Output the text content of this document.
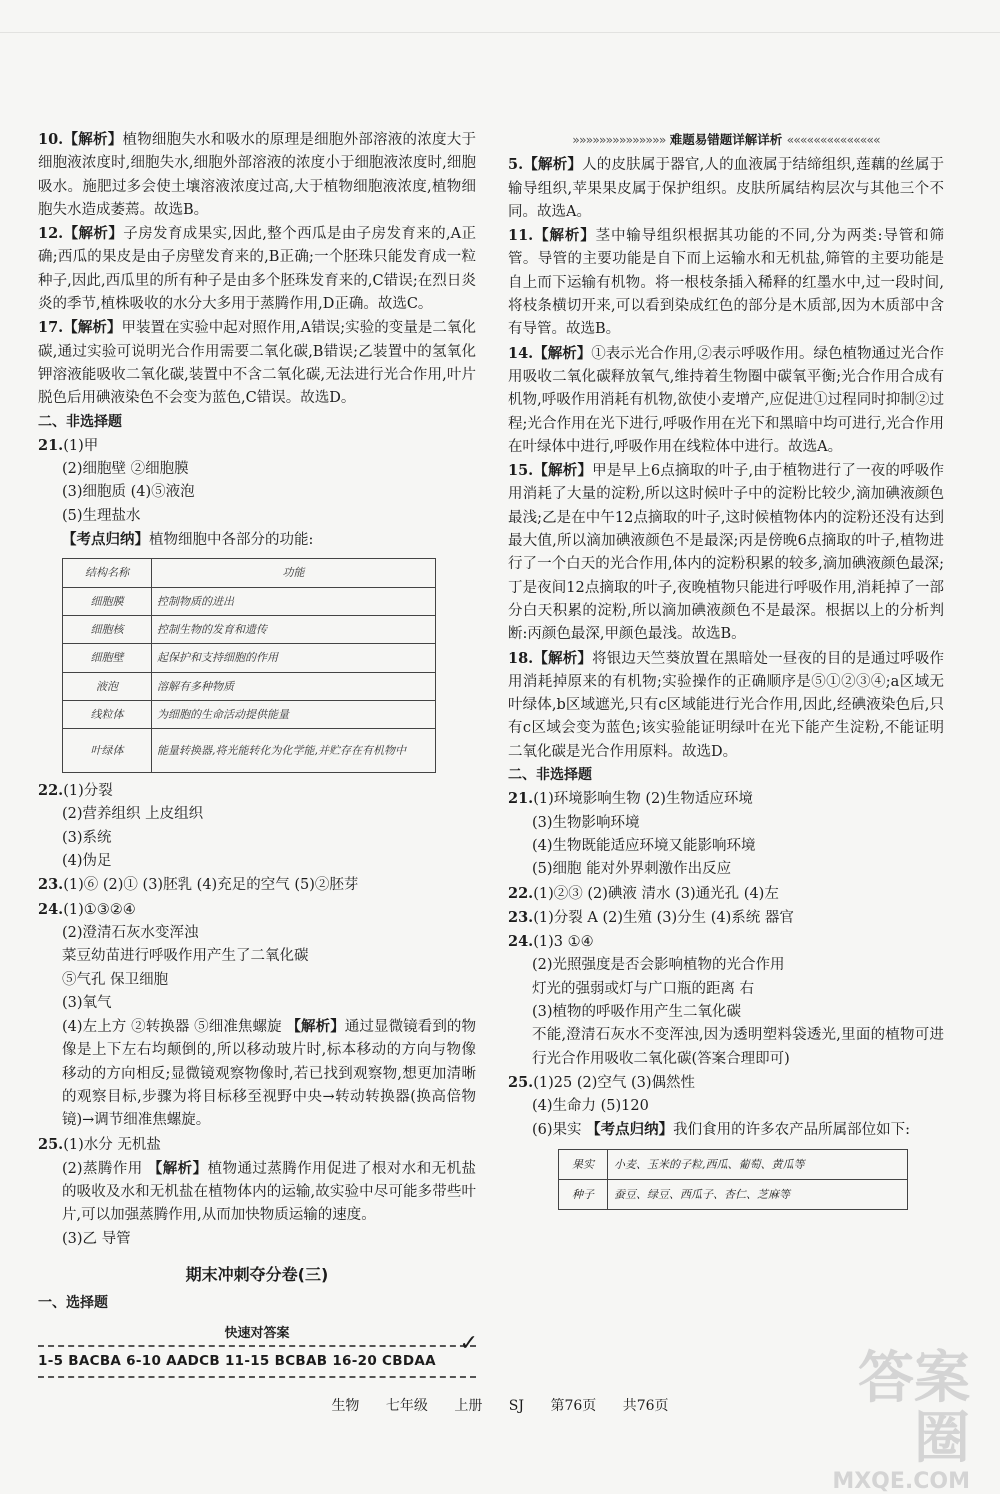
10.【解析】植物细胞失水和吸水的原理是细胞外部溶液的浓度大于细胞液浓度时,细胞失水,细胞外部溶液的浓度小于细胞液浓度时,细胞吸水。施肥过多会使土壤溶液浓度过高,大于植物细胞液浓度,植物细胞失水造成萎蔫。故选B。

12.【解析】子房发育成果实,因此,整个西瓜是由子房发育来的,A正确;西瓜的果皮是由子房壁发育来的,B正确;一个胚珠只能发育成一粒种子,因此,西瓜里的所有种子是由多个胚珠发育来的,C错误;在烈日炎炎的季节,植株吸收的水分大多用于蒸腾作用,D正确。故选C。

17.【解析】甲装置在实验中起对照作用,A错误;实验的变量是二氧化碳,通过实验可说明光合作用需要二氧化碳,B错误;乙装置中的氢氧化钾溶液能吸收二氧化碳,装置中不含二氧化碳,无法进行光合作用,叶片脱色后用碘液染色不会变为蓝色,C错误。故选D。

二、非选择题

21.(1)甲

(2)细胞壁 ②细胞膜

(3)细胞质 (4)⑤液泡

(5)生理盐水

【考点归纳】植物细胞中各部分的功能:

结构名称	功能
细胞膜	控制物质的进出
细胞核	控制生物的发育和遗传
细胞壁	起保护和支持细胞的作用
液泡	溶解有多种物质
线粒体	为细胞的生命活动提供能量
叶绿体	能量转换器,将光能转化为化学能,并贮存在有机物中

22.(1)分裂

(2)营养组织 上皮组织

(3)系统

(4)伪足

23.(1)⑥ (2)① (3)胚乳 (4)充足的空气 (5)②胚芽

24.(1)①③②④

(2)澄清石灰水变浑浊

菜豆幼苗进行呼吸作用产生了二氧化碳

⑤气孔 保卫细胞

(3)氧气

(4)左上方 ②转换器 ⑤细准焦螺旋 【解析】通过显微镜看到的物像是上下左右均颠倒的,所以移动玻片时,标本移动的方向与物像移动的方向相反;显微镜观察物像时,若已找到观察物,想更加清晰的观察目标,步骤为将目标移至视野中央→转动转换器(换高倍物镜)→调节细准焦螺旋。

25.(1)水分 无机盐

(2)蒸腾作用 【解析】植物通过蒸腾作用促进了根对水和无机盐的吸收及水和无机盐在植物体内的运输,故实验中尽可能多带些叶片,可以加强蒸腾作用,从而加快物质运输的速度。

(3)乙 导管

期末冲刺夺分卷(三)

一、选择题

快速对答案
1-5 BACBA 6-10 AADCB 11-15 BCBAB 16-20 CBDAA
✓
»»»»»»»»»»»»»» 难题易错题详解详析 ««««««««««««««

5.【解析】人的皮肤属于器官,人的血液属于结缔组织,莲藕的丝属于输导组织,苹果果皮属于保护组织。皮肤所属结构层次与其他三个不同。故选A。

11.【解析】茎中输导组织根据其功能的不同,分为两类:导管和筛管。导管的主要功能是自下而上运输水和无机盐,筛管的主要功能是自上而下运输有机物。将一根枝条插入稀释的红墨水中,过一段时间,将枝条横切开来,可以看到染成红色的部分是木质部,因为木质部中含有导管。故选B。

14.【解析】①表示光合作用,②表示呼吸作用。绿色植物通过光合作用吸收二氧化碳释放氧气,维持着生物圈中碳氧平衡;光合作用合成有机物,呼吸作用消耗有机物,欲使小麦增产,应促进①过程同时抑制②过程;光合作用在光下进行,呼吸作用在光下和黑暗中均可进行,光合作用在叶绿体中进行,呼吸作用在线粒体中进行。故选A。

15.【解析】甲是早上6点摘取的叶子,由于植物进行了一夜的呼吸作用消耗了大量的淀粉,所以这时候叶子中的淀粉比较少,滴加碘液颜色最浅;乙是在中午12点摘取的叶子,这时候植物体内的淀粉还没有达到最大值,所以滴加碘液颜色不是最深;丙是傍晚6点摘取的叶子,植物进行了一个白天的光合作用,体内的淀粉积累的较多,滴加碘液颜色最深;丁是夜间12点摘取的叶子,夜晚植物只能进行呼吸作用,消耗掉了一部分白天积累的淀粉,所以滴加碘液颜色不是最深。根据以上的分析判断:丙颜色最深,甲颜色最浅。故选B。

18.【解析】将银边天竺葵放置在黑暗处一昼夜的目的是通过呼吸作用消耗掉原来的有机物;实验操作的正确顺序是⑤①②③④;a区域无叶绿体,b区域遮光,只有c区域能进行光合作用,因此,经碘液染色后,只有c区域会变为蓝色;该实验能证明绿叶在光下能产生淀粉,不能证明二氧化碳是光合作用原料。故选D。

二、非选择题

21.(1)环境影响生物 (2)生物适应环境

(3)生物影响环境

(4)生物既能适应环境又能影响环境

(5)细胞 能对外界刺激作出反应

22.(1)②③ (2)碘液 清水 (3)通光孔 (4)左

23.(1)分裂 A (2)生殖 (3)分生 (4)系统 器官

24.(1)3 ①④

(2)光照强度是否会影响植物的光合作用

灯光的强弱或灯与广口瓶的距离 右

(3)植物的呼吸作用产生二氧化碳

不能,澄清石灰水不变浑浊,因为透明塑料袋透光,里面的植物可进行光合作用吸收二氧化碳(答案合理即可)

25.(1)25 (2)空气 (3)偶然性

(4)生命力 (5)120

(6)果实 【考点归纳】我们食用的许多农产品所属部位如下:

果实	小麦、玉米的子粒,西瓜、葡萄、黄瓜等
种子	蚕豆、绿豆、西瓜子、杏仁、芝麻等
生物 七年级 上册 SJ 第76页 共76页	答案圈
MXQE.COM
